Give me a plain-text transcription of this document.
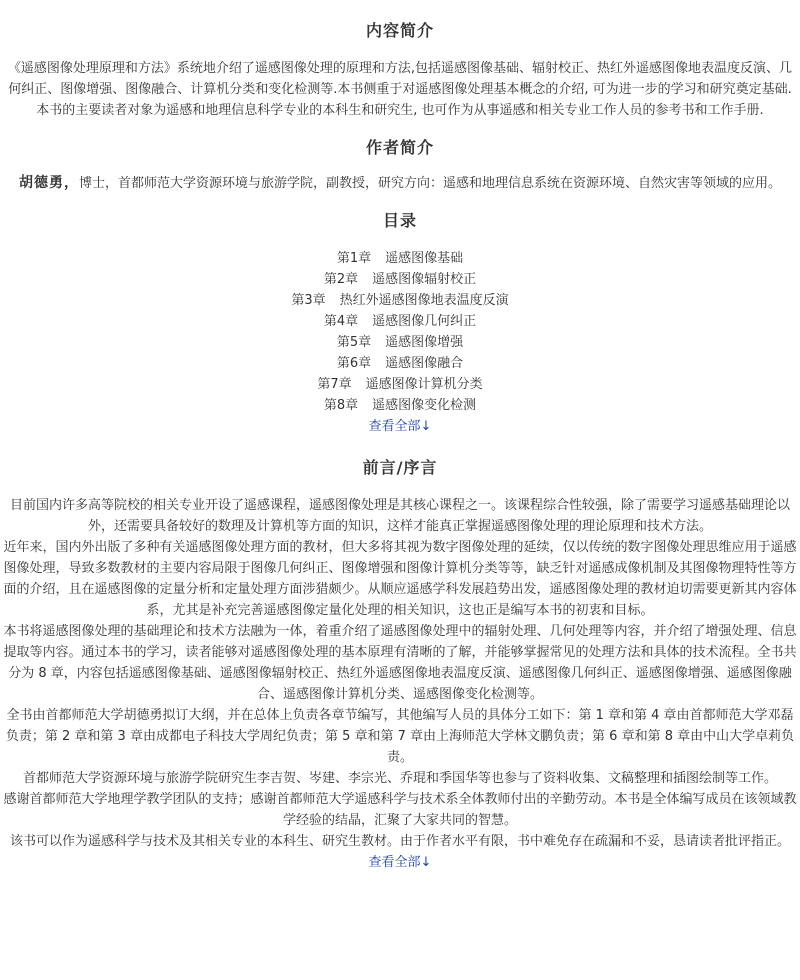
内容简介

《遥感图像处理原理和方法》系统地介绍了遥感图像处理的原理和方法,包括遥感图像基础、辐射校正、热红外遥感图像地表温度反演、几何纠正、图像增强、图像融合、计算机分类和变化检测等.本书侧重于对遥感图像处理基本概念的介绍, 可为进一步的学习和研究奠定基础.本书的主要读者对象为遥感和地理信息科学专业的本科生和研究生, 也可作为从事遥感和相关专业工作人员的参考书和工作手册.

作者简介

胡德勇，博士，首都师范大学资源环境与旅游学院，副教授，研究方向：遥感和地理信息系统在资源环境、自然灾害等领域的应用。

目录
第1章 遥感图像基础
第2章 遥感图像辐射校正
第3章 热红外遥感图像地表温度反演
第4章 遥感图像几何纠正
第5章 遥感图像增强
第6章 遥感图像融合
第7章 遥感图像计算机分类
第8章 遥感图像变化检测
查看全部↓
前言/序言

目前国内许多高等院校的相关专业开设了遥感课程，遥感图像处理是其核心课程之一。该课程综合性较强，除了需要学习遥感基础理论以外，还需要具备较好的数理及计算机等方面的知识，这样才能真正掌握遥感图像处理的理论原理和技术方法。

近年来，国内外出版了多种有关遥感图像处理方面的教材，但大多将其视为数字图像处理的延续，仅以传统的数字图像处理思维应用于遥感图像处理，导致多数教材的主要内容局限于图像几何纠正、图像增强和图像计算机分类等等，缺乏针对遥感成像机制及其图像物理特性等方面的介绍，且在遥感图像的定量分析和定量处理方面涉猎颇少。从顺应遥感学科发展趋势出发，遥感图像处理的教材迫切需要更新其内容体系，尤其是补充完善遥感图像定量化处理的相关知识，这也正是编写本书的初衷和目标。

本书将遥感图像处理的基础理论和技术方法融为一体，着重介绍了遥感图像处理中的辐射处理、几何处理等内容，并介绍了增强处理、信息提取等内容。通过本书的学习，读者能够对遥感图像处理的基本原理有清晰的了解，并能够掌握常见的处理方法和具体的技术流程。全书共分为 8 章，内容包括遥感图像基础、遥感图像辐射校正、热红外遥感图像地表温度反演、遥感图像几何纠正、遥感图像增强、遥感图像融合、遥感图像计算机分类、遥感图像变化检测等。

全书由首都师范大学胡德勇拟订大纲，并在总体上负责各章节编写，其他编写人员的具体分工如下：第 1 章和第 4 章由首都师范大学邓磊负责；第 2 章和第 3 章由成都电子科技大学周纪负责；第 5 章和第 7 章由上海师范大学林文鹏负责；第 6 章和第 8 章由中山大学卓莉负责。

首都师范大学资源环境与旅游学院研究生李吉贺、岑建、李宗光、乔琨和季国华等也参与了资料收集、文稿整理和插图绘制等工作。

感谢首都师范大学地理学教学团队的支持；感谢首都师范大学遥感科学与技术系全体教师付出的辛勤劳动。本书是全体编写成员在该领域教学经验的结晶，汇聚了大家共同的智慧。

该书可以作为遥感科学与技术及其相关专业的本科生、研究生教材。由于作者水平有限，书中难免存在疏漏和不妥，恳请读者批评指正。

查看全部↓
